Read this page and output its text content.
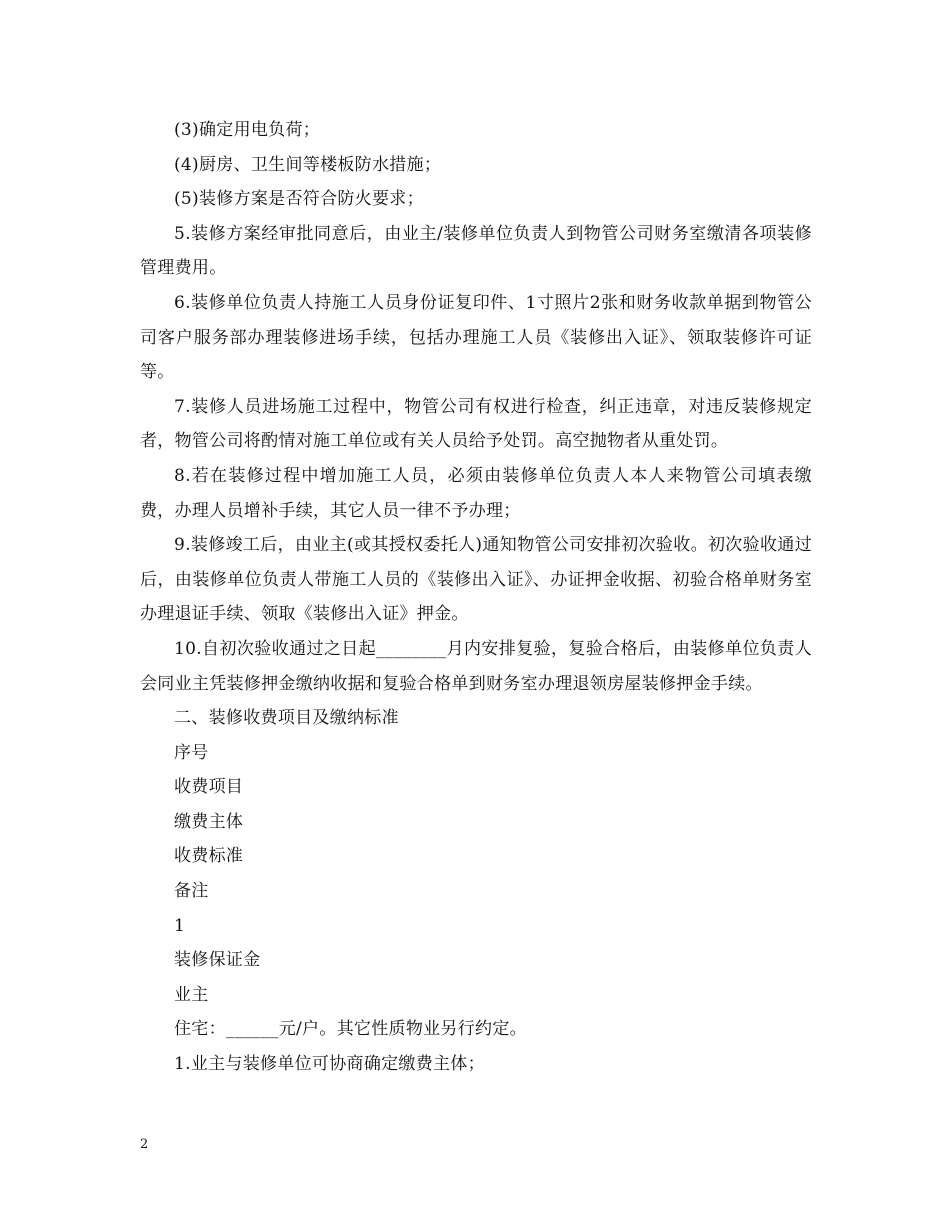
(3)确定用电负荷；

(4)厨房、卫生间等楼板防水措施；

(5)装修方案是否符合防火要求；

5.装修方案经审批同意后，由业主/装修单位负责人到物管公司财务室缴清各项装修管理费用。

6.装修单位负责人持施工人员身份证复印件、1寸照片2张和财务收款单据到物管公司客户服务部办理装修进场手续，包括办理施工人员《装修出入证》、领取装修许可证等。

7.装修人员进场施工过程中，物管公司有权进行检查，纠正违章，对违反装修规定者，物管公司将酌情对施工单位或有关人员给予处罚。高空抛物者从重处罚。

8.若在装修过程中增加施工人员，必须由装修单位负责人本人来物管公司填表缴费，办理人员增补手续，其它人员一律不予办理；

9.装修竣工后，由业主(或其授权委托人)通知物管公司安排初次验收。初次验收通过后，由装修单位负责人带施工人员的《装修出入证》、办证押金收据、初验合格单财务室办理退证手续、领取《装修出入证》押金。

10.自初次验收通过之日起________月内安排复验，复验合格后，由装修单位负责人会同业主凭装修押金缴纳收据和复验合格单到财务室办理退领房屋装修押金手续。

二、装修收费项目及缴纳标准

序号

收费项目

缴费主体

收费标准

备注

1

装修保证金

业主

住宅：______元/户。其它性质物业另行约定。

1.业主与装修单位可协商确定缴费主体；

2
